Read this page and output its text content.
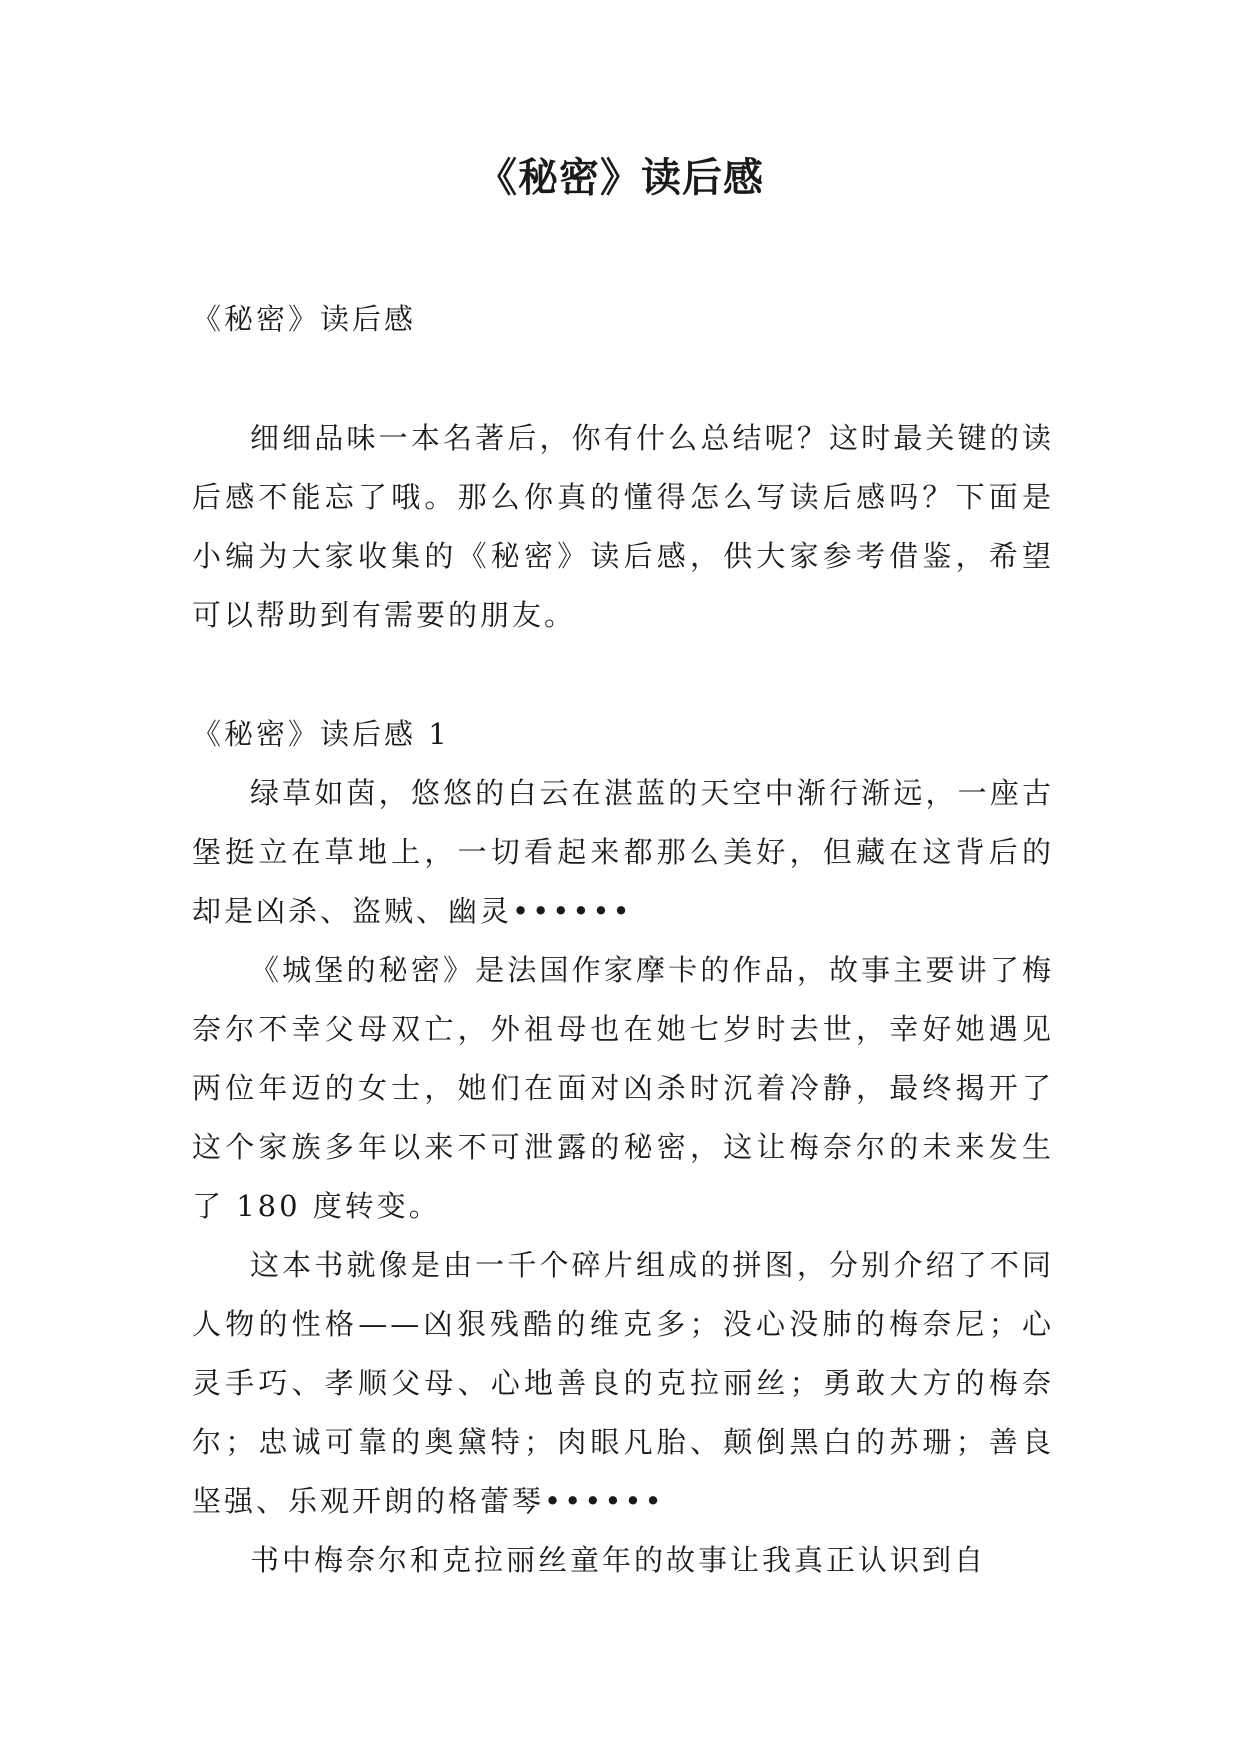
《秘密》读后感

《秘密》读后感

细细品味一本名著后，你有什么总结呢？这时最关键的读后感不能忘了哦。那么你真的懂得怎么写读后感吗？下面是小编为大家收集的《秘密》读后感，供大家参考借鉴，希望可以帮助到有需要的朋友。

《秘密》读后感 1

绿草如茵，悠悠的白云在湛蓝的天空中渐行渐远，一座古堡挺立在草地上，一切看起来都那么美好，但藏在这背后的却是凶杀、盗贼、幽灵••••••

《城堡的秘密》是法国作家摩卡的作品，故事主要讲了梅奈尔不幸父母双亡，外祖母也在她七岁时去世，幸好她遇见两位年迈的女士，她们在面对凶杀时沉着冷静，最终揭开了这个家族多年以来不可泄露的秘密，这让梅奈尔的未来发生了 180 度转变。

这本书就像是由一千个碎片组成的拼图，分别介绍了不同人物的性格——凶狠残酷的维克多；没心没肺的梅奈尼；心灵手巧、孝顺父母、心地善良的克拉丽丝；勇敢大方的梅奈尔；忠诚可靠的奥黛特；肉眼凡胎、颠倒黑白的苏珊；善良坚强、乐观开朗的格蕾琴••••••

书中梅奈尔和克拉丽丝童年的故事让我真正认识到自
